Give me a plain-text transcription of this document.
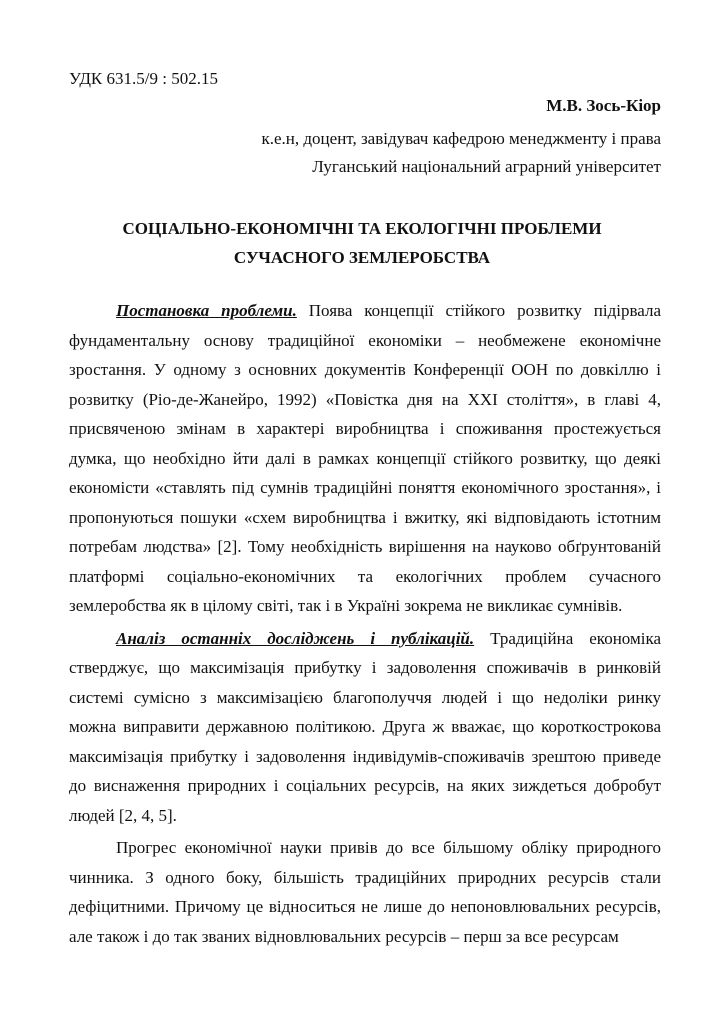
УДК 631.5/9 : 502.15
М.В. Зось-Кіор
к.е.н, доцент, завідувач кафедрою менеджменту і права
Луганський національний аграрний університет
СОЦІАЛЬНО-ЕКОНОМІЧНІ ТА ЕКОЛОГІЧНІ ПРОБЛЕМИ
СУЧАСНОГО ЗЕМЛЕРОБСТВА
Постановка проблеми. Поява концепції стійкого розвитку підірвала
фундаментальну основу традиційної економіки – необмежене економічне
зростання. У одному з основних документів Конференції ООН по довкіллю і
розвитку (Ріо-де-Жанейро, 1992) «Повістка дня на XXI століття», в главі 4,
присвяченою змінам в характері виробництва і споживання простежується
думка, що необхідно йти далі в рамках концепції стійкого розвитку, що деякі
економісти «ставлять під сумнів традиційні поняття економічного зростання», і
пропонуються пошуки «схем виробництва і вжитку, які відповідають істотним
потребам людства» [2]. Тому необхідність вирішення на науково обґрунтованій
платформі соціально-економічних та екологічних проблем сучасного
землеробства як в цілому світі, так і в Україні зокрема не викликає сумнівів.
Аналіз останніх досліджень і публікацій. Традиційна економіка
стверджує, що максимізація прибутку і задоволення споживачів в ринковій
системі сумісно з максимізацією благополуччя людей і що недоліки ринку
можна виправити державною політикою. Друга ж вважає, що короткострокова
максимізація прибутку і задоволення індивідумів-споживачів зрештою приведе
до виснаження природних і соціальних ресурсів, на яких зиждеться добробут
людей [2, 4, 5].
Прогрес економічної науки привів до все більшому обліку природного
чинника. З одного боку, більшість традиційних природних ресурсів стали
дефіцитними. Причому це відноситься не лише до непоновлювальних ресурсів,
але також і до так званих відновлювальних ресурсів – перш за все ресурсам
